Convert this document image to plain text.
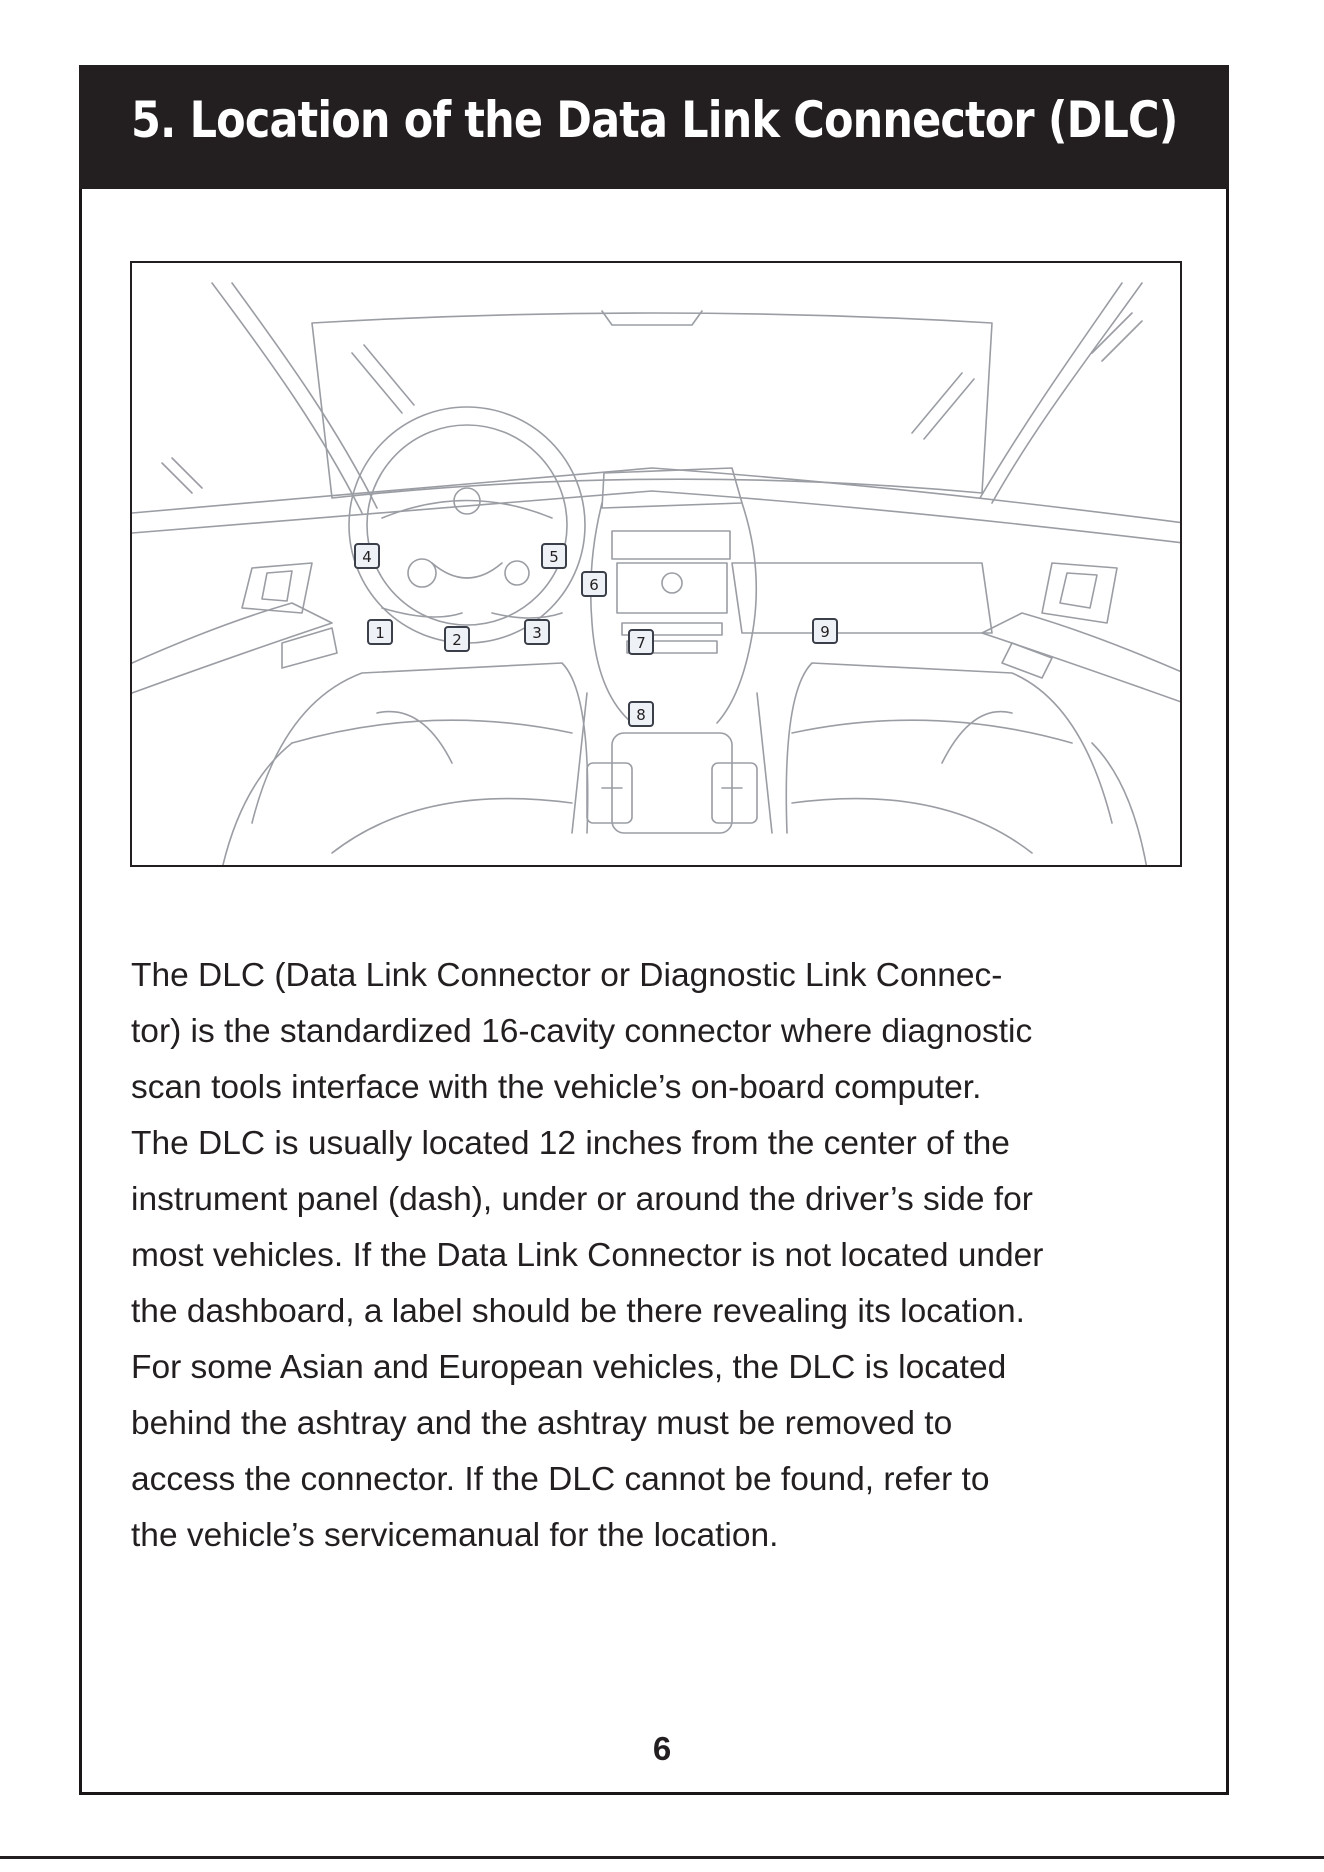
5. Location of the Data Link Connector (DLC)
1	2	3
4	5
6
7
8
9

The DLC (Data Link Connector or Diagnostic Link Connec-
tor) is the standardized 16-cavity connector where diagnostic
scan tools interface with the vehicle’s on-board computer.
The DLC is usually located 12 inches from the center of the
instrument panel (dash), under or around the driver’s side for
most vehicles. If the Data Link Connector is not located under
the dashboard, a label should be there revealing its location.
For some Asian and European vehicles, the DLC is located
behind the ashtray and the ashtray must be removed to
access the connector. If the DLC cannot be found, refer to
the vehicle’s servicemanual for the location.

6
